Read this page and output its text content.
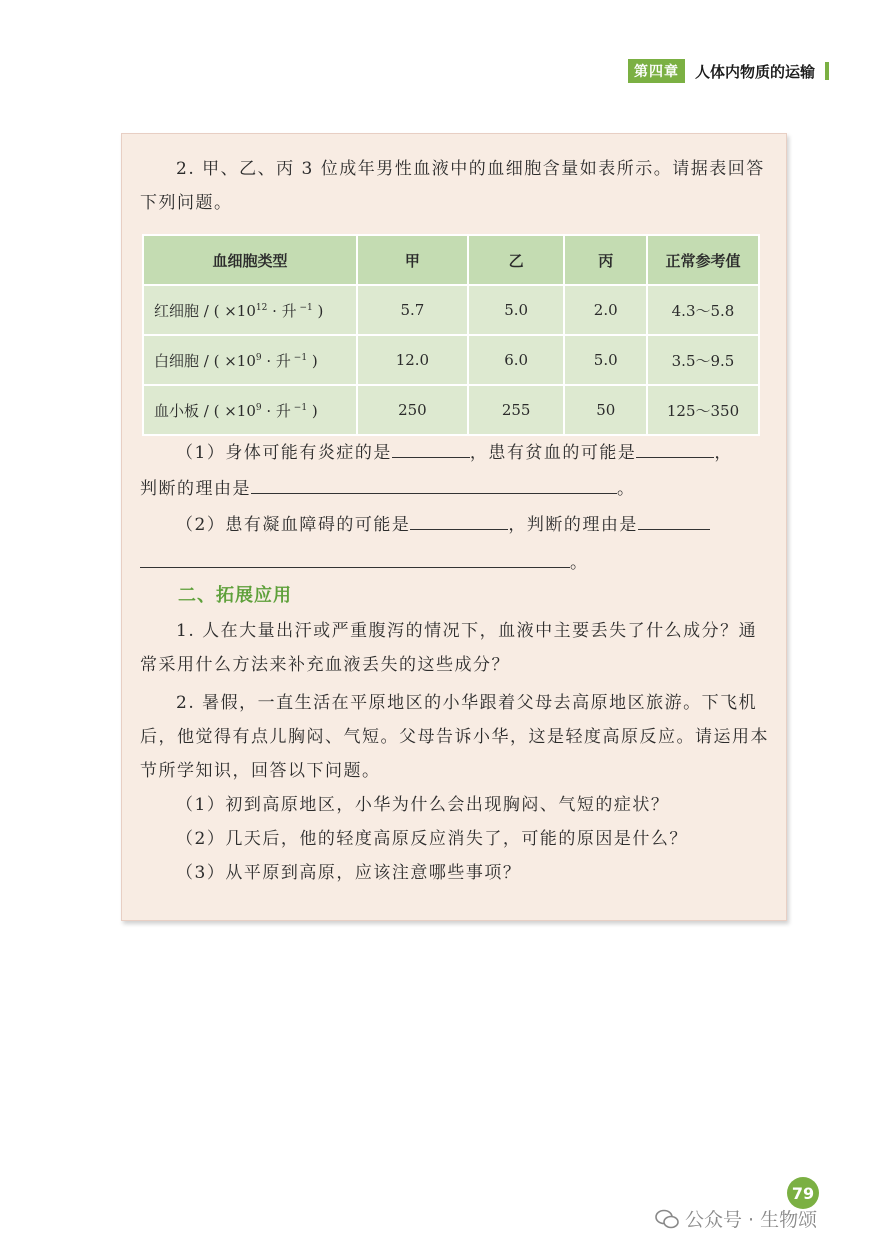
第四章	人体内物质的运输
2. 甲、乙、丙 3 位成年男性血液中的血细胞含量如表所示。请据表回答下列问题。
血细胞类型	甲	乙	丙	正常参考值
红细胞 / ( $\times 10^{12}$ · 升 $^{-1}$ )	5.7	5.0	2.0	4.3～5.8
白细胞 / ( $\times 10^9$ · 升 $^{-1}$ )	12.0	6.0	5.0	3.5～9.5
血小板 / ( $\times 10^9$ · 升 $^{-1}$ )	250	255	50	125～350
（1）身体可能有炎症的是	，患有贫血的可能是	，
判断的理由是	。
（2）患有凝血障碍的可能是	，判断的理由是
。
二、拓展应用
1. 人在大量出汗或严重腹泻的情况下，血液中主要丢失了什么成分？通常采用什么方法来补充血液丢失的这些成分？
2. 暑假，一直生活在平原地区的小华跟着父母去高原地区旅游。下飞机后，他觉得有点儿胸闷、气短。父母告诉小华，这是轻度高原反应。请运用本节所学知识，回答以下问题。
（1）初到高原地区，小华为什么会出现胸闷、气短的症状？
（2）几天后，他的轻度高原反应消失了，可能的原因是什么？
（3）从平原到高原，应该注意哪些事项？
79
公众号 · 生物颂
